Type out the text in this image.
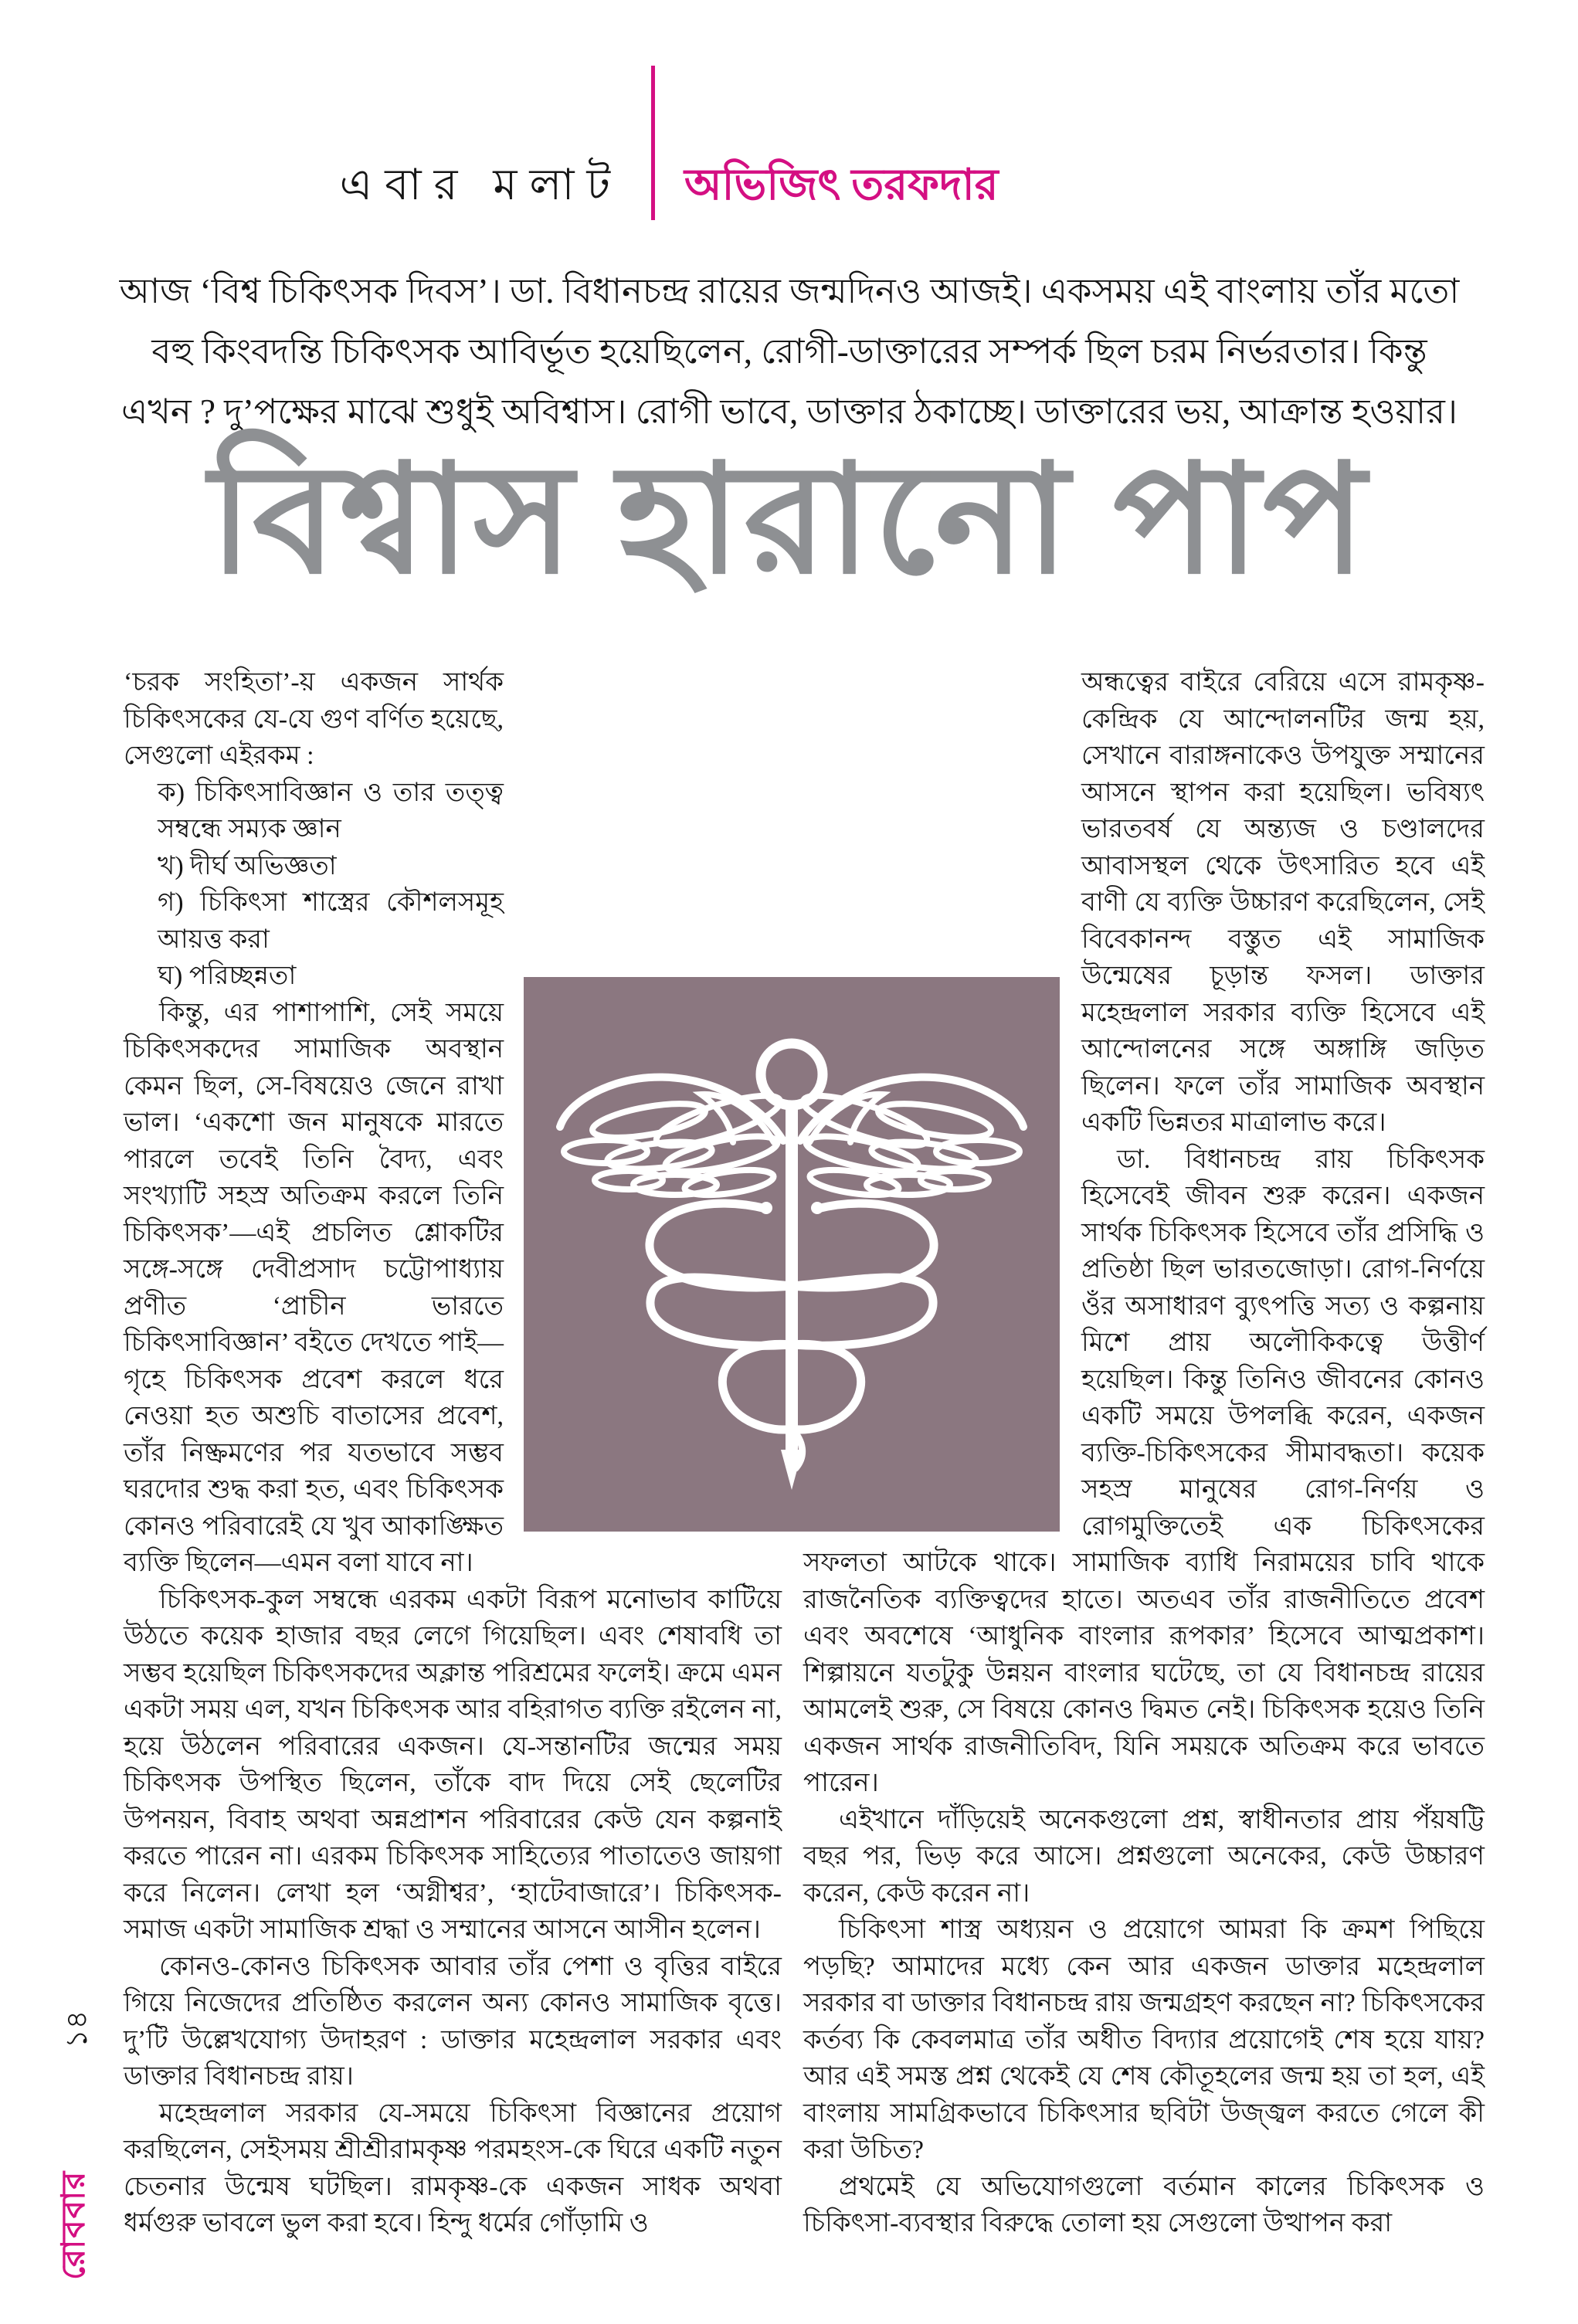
এবার মলাট অভিজিৎ তরফদার
আজ ‘বিশ্ব চিকিৎসক দিবস’। ডা. বিধানচন্দ্র রায়ের জন্মদিনও আজই। একসময় এই বাংলায় তাঁর মতো বহু কিংবদন্তি চিকিৎসক আবির্ভূত হয়েছিলেন, রোগী-ডাক্তারের সম্পর্ক ছিল চরম নির্ভরতার। কিন্তু এখন ? দু’পক্ষের মাঝে শুধুই অবিশ্বাস। রোগী ভাবে, ডাক্তার ঠকাচ্ছে। ডাক্তারের ভয়, আক্রান্ত হওয়ার।
বিশ্বাস হারানো পাপ

‘চরক সংহিতা’-য় একজন সার্থক চিকিৎসকের যে-যে গুণ বর্ণিত হয়েছে, সেগুলো এইরকম :

ক) চিকিৎসাবিজ্ঞান ও তার তত্ত্ব সম্বন্ধে সম্যক জ্ঞান
খ) দীর্ঘ অভিজ্ঞতা
গ) চিকিৎসা শাস্ত্রের কৌশলসমূহ আয়ত্ত করা
ঘ) পরিচ্ছন্নতা

কিন্তু, এর পাশাপাশি, সেই সময়ে চিকিৎসকদের সামাজিক অবস্থান কেমন ছিল, সে-বিষয়েও জেনে রাখা ভাল। ‘একশো জন মানুষকে মারতে পারলে তবেই তিনি বৈদ্য, এবং সংখ্যাটি সহস্র অতিক্রম করলে তিনি চিকিৎসক’—এই প্রচলিত শ্লোকটির সঙ্গে-সঙ্গে দেবীপ্রসাদ চট্টোপাধ্যায় প্রণীত ‘প্রাচীন ভারতে চিকিৎসাবিজ্ঞান’ বইতে দেখতে পাই—গৃহে চিকিৎসক প্রবেশ করলে ধরে নেওয়া হত অশুচি বাতাসের প্রবেশ, তাঁর নিষ্ক্রমণের পর যতভাবে সম্ভব ঘরদোর শুদ্ধ করা হত, এবং চিকিৎসক কোনও পরিবারেই যে খুব আকাঙ্ক্ষিত ব্যক্তি ছিলেন—এমন বলা যাবে না।

চিকিৎসক-কুল সম্বন্ধে এরকম একটা বিরূপ মনোভাব কাটিয়ে উঠতে কয়েক হাজার বছর লেগে গিয়েছিল। এবং শেষাবধি তা সম্ভব হয়েছিল চিকিৎসকদের অক্লান্ত পরিশ্রমের ফলেই। ক্রমে এমন একটা সময় এল, যখন চিকিৎসক আর বহিরাগত ব্যক্তি রইলেন না, হয়ে উঠলেন পরিবারের একজন। যে-সন্তানটির জন্মের সময় চিকিৎসক উপস্থিত ছিলেন, তাঁকে বাদ দিয়ে সেই ছেলেটির উপনয়ন, বিবাহ অথবা অন্নপ্রাশন পরিবারের কেউ যেন কল্পনাই করতে পারেন না। এরকম চিকিৎসক সাহিত্যের পাতাতেও জায়গা করে নিলেন। লেখা হল ‘অগ্নীশ্বর’, ‘হাটেবাজারে’। চিকিৎসক-সমাজ একটা সামাজিক শ্রদ্ধা ও সম্মানের আসনে আসীন হলেন।

কোনও-কোনও চিকিৎসক আবার তাঁর পেশা ও বৃত্তির বাইরে গিয়ে নিজেদের প্রতিষ্ঠিত করলেন অন্য কোনও সামাজিক বৃত্তে। দু’টি উল্লেখযোগ্য উদাহরণ : ডাক্তার মহেন্দ্রলাল সরকার এবং ডাক্তার বিধানচন্দ্র রায়।

মহেন্দ্রলাল সরকার যে-সময়ে চিকিৎসা বিজ্ঞানের প্রয়োগ করছিলেন, সেইসময় শ্রীশ্রীরামকৃষ্ণ পরমহংস-কে ঘিরে একটি নতুন চেতনার উন্মেষ ঘটছিল। রামকৃষ্ণ-কে একজন সাধক অথবা ধর্মগুরু ভাবলে ভুল করা হবে। হিন্দু ধর্মের গোঁড়ামি ও

অন্ধত্বের বাইরে বেরিয়ে এসে রামকৃষ্ণ-কেন্দ্রিক যে আন্দোলনটির জন্ম হয়, সেখানে বারাঙ্গনাকেও উপযুক্ত সম্মানের আসনে স্থাপন করা হয়েছিল। ভবিষ্যৎ ভারতবর্ষ যে অন্ত্যজ ও চণ্ডালদের আবাসস্থল থেকে উৎসারিত হবে এই বাণী যে ব্যক্তি উচ্চারণ করেছিলেন, সেই বিবেকানন্দ বস্তুত এই সামাজিক উন্মেষের চূড়ান্ত ফসল। ডাক্তার মহেন্দ্রলাল সরকার ব্যক্তি হিসেবে এই আন্দোলনের সঙ্গে অঙ্গাঙ্গি জড়িত ছিলেন। ফলে তাঁর সামাজিক অবস্থান একটি ভিন্নতর মাত্রালাভ করে।

ডা. বিধানচন্দ্র রায় চিকিৎসক হিসেবেই জীবন শুরু করেন। একজন সার্থক চিকিৎসক হিসেবে তাঁর প্রসিদ্ধি ও প্রতিষ্ঠা ছিল ভারতজোড়া। রোগ-নির্ণয়ে ওঁর অসাধারণ ব্যুৎপত্তি সত্য ও কল্পনায় মিশে প্রায় অলৌকিকত্বে উত্তীর্ণ হয়েছিল। কিন্তু তিনিও জীবনের কোনও একটি সময়ে উপলব্ধি করেন, একজন ব্যক্তি-চিকিৎসকের সীমাবদ্ধতা। কয়েক সহস্র মানুষের রোগ-নির্ণয় ও রোগমুক্তিতেই এক চিকিৎসকের সফলতা আটকে থাকে। সামাজিক ব্যাধি নিরাময়ের চাবি থাকে রাজনৈতিক ব্যক্তিত্বদের হাতে। অতএব তাঁর রাজনীতিতে প্রবেশ এবং অবশেষে ‘আধুনিক বাংলার রূপকার’ হিসেবে আত্মপ্রকাশ। শিল্পায়নে যতটুকু উন্নয়ন বাংলার ঘটেছে, তা যে বিধানচন্দ্র রায়ের আমলেই শুরু, সে বিষয়ে কোনও দ্বিমত নেই। চিকিৎসক হয়েও তিনি একজন সার্থক রাজনীতিবিদ, যিনি সময়কে অতিক্রম করে ভাবতে পারেন।

এইখানে দাঁড়িয়েই অনেকগুলো প্রশ্ন, স্বাধীনতার প্রায় পঁয়ষট্টি বছর পর, ভিড় করে আসে। প্রশ্নগুলো অনেকের, কেউ উচ্চারণ করেন, কেউ করেন না।

চিকিৎসা শাস্ত্র অধ্যয়ন ও প্রয়োগে আমরা কি ক্রমশ পিছিয়ে পড়ছি? আমাদের মধ্যে কেন আর একজন ডাক্তার মহেন্দ্রলাল সরকার বা ডাক্তার বিধানচন্দ্র রায় জন্মগ্রহণ করছেন না? চিকিৎসকের কর্তব্য কি কেবলমাত্র তাঁর অধীত বিদ্যার প্রয়োগেই শেষ হয়ে যায়? আর এই সমস্ত প্রশ্ন থেকেই যে শেষ কৌতূহলের জন্ম হয় তা হল, এই বাংলায় সামগ্রিকভাবে চিকিৎসার ছবিটা উজ্জ্বল করতে গেলে কী করা উচিত?

প্রথমেই যে অভিযোগগুলো বর্তমান কালের চিকিৎসক ও চিকিৎসা-ব্যবস্থার বিরুদ্ধে তোলা হয় সেগুলো উত্থাপন করা

১৪
রোববার
